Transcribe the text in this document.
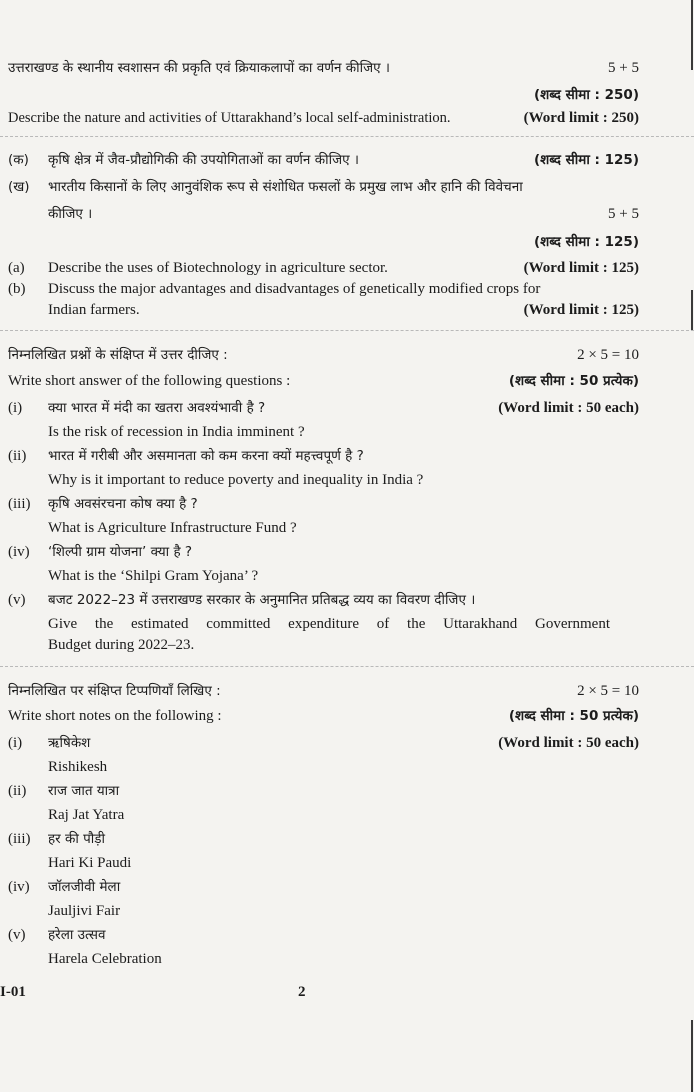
उत्तराखण्ड के स्थानीय स्वशासन की प्रकृति एवं क्रियाकलापों का वर्णन कीजिए ।	5 + 5
(शब्द सीमा : 250)
Describe the nature and activities of Uttarakhand’s local self-administration.	(Word limit : 250)
(क) कृषि क्षेत्र में जैव-प्रौद्योगिकी की उपयोगिताओं का वर्णन कीजिए ।	(शब्द सीमा : 125)
(ख) भारतीय किसानों के लिए आनुवंशिक रूप से संशोधित फसलों के प्रमुख लाभ और हानि की विवेचना
कीजिए ।	5 + 5
(शब्द सीमा : 125)
(a) Describe the uses of Biotechnology in agriculture sector.	(Word limit : 125)
(b) Discuss the major advantages and disadvantages of genetically modified crops for
Indian farmers.	(Word limit : 125)
निम्नलिखित प्रश्नों के संक्षिप्त में उत्तर दीजिए :	2 × 5 = 10
Write short answer of the following questions :	(शब्द सीमा : 50 प्रत्येक)
(i) क्या भारत में मंदी का खतरा अवश्यंभावी है ?	(Word limit : 50 each)
Is the risk of recession in India imminent ?
(ii) भारत में गरीबी और असमानता को कम करना क्यों महत्त्वपूर्ण है ?
Why is it important to reduce poverty and inequality in India ?
(iii) कृषि अवसंरचना कोष क्या है ?
What is Agriculture Infrastructure Fund ?
(iv) ‘शिल्पी ग्राम योजना’ क्या है ?
What is the ‘Shilpi Gram Yojana’ ?
(v) बजट 2022–23 में उत्तराखण्ड सरकार के अनुमानित प्रतिबद्ध व्यय का विवरण दीजिए ।
Give the estimated committed expenditure of the Uttarakhand Government
Budget during 2022–23.
निम्नलिखित पर संक्षिप्त टिप्पणियाँ लिखिए :	2 × 5 = 10
Write short notes on the following :	(शब्द सीमा : 50 प्रत्येक)
(i) ऋषिकेश	(Word limit : 50 each)
Rishikesh
(ii) राज जात यात्रा
Raj Jat Yatra
(iii) हर की पौड़ी
Hari Ki Paudi
(iv) जॉलजीवी मेला
Jauljivi Fair
(v) हरेला उत्सव
Harela Celebration
I-01	2
